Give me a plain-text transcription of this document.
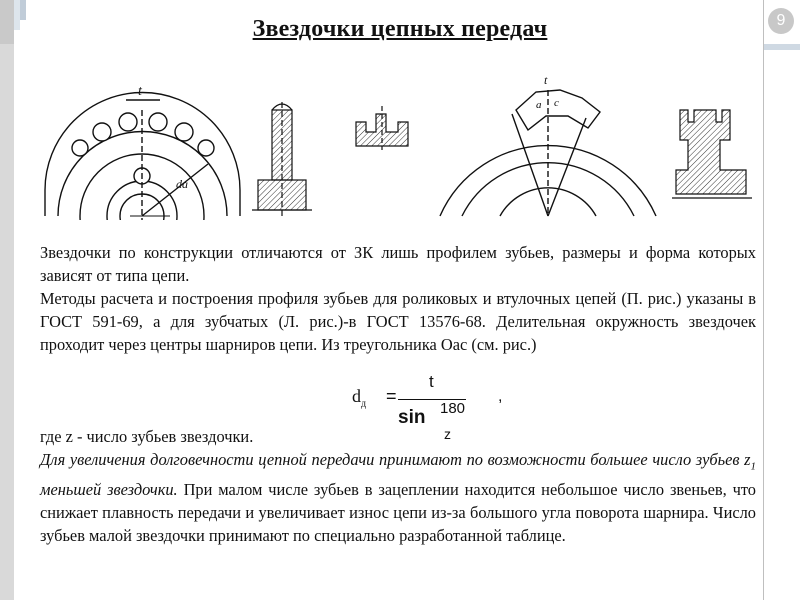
9
Звездочки цепных передач
t
da
a c
t

Звездочки по конструкции отличаются от ЗК лишь профилем зубьев, размеры и форма которых зависят от типа цепи.

Методы расчета и построения профиля зубьев для роликовых и втулочных цепей (П. рис.) указаны в ГОСТ 591-69, а для зубчатых (Л. рис.)-в ГОСТ 13576-68. Делительная окружность звездочек проходит через центры шарниров цепи. Из треугольника Оас (см. рис.)

где z - число зубьев звездочки.

Для увеличения долговечности цепной передачи принимают по возможности большее число зубьев $z_1$ меньшей звездочки. При малом числе зубьев в зацеплении находится небольшое число звеньев, что снижает плавность передачи и увеличивает износ цепи из-за большого угла поворота шарнира. Число зубьев малой звездочки принимают по специально разработанной таблице.

$d_д$ =
t
sin 180
z
,
